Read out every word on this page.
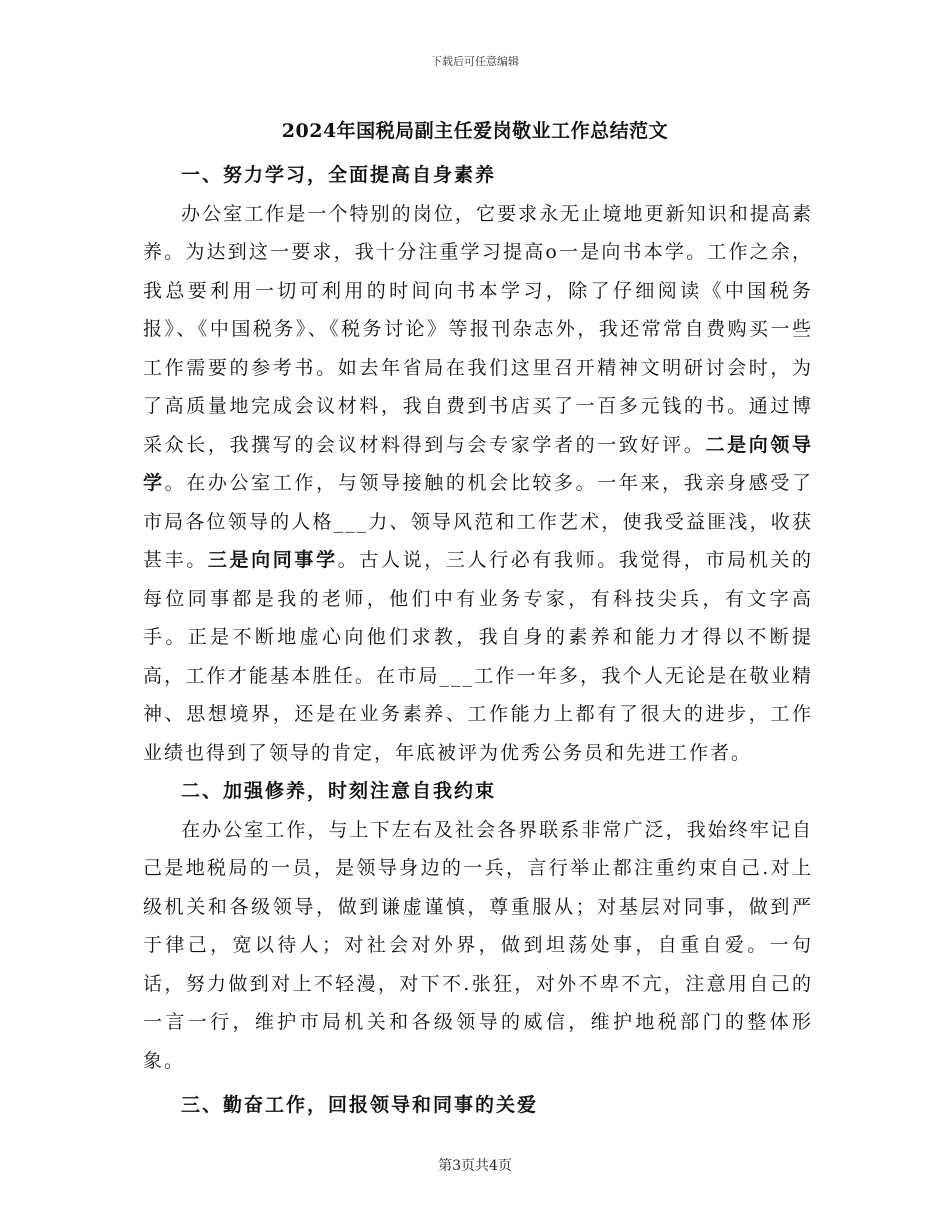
下载后可任意编辑
2024年国税局副主任爱岗敬业工作总结范文
一、努力学习，全面提高自身素养

办公室工作是一个特别的岗位，它要求永无止境地更新知识和提高素养。为达到这一要求，我十分注重学习提高o一是向书本学。工作之余，我总要利用一切可利用的时间向书本学习，除了仔细阅读《中国税务报》、《中国税务》、《税务讨论》等报刊杂志外，我还常常自费购买一些工作需要的参考书。如去年省局在我们这里召开精神文明研讨会时，为了高质量地完成会议材料，我自费到书店买了一百多元钱的书。通过博采众长，我撰写的会议材料得到与会专家学者的一致好评。二是向领导学。在办公室工作，与领导接触的机会比较多。一年来，我亲身感受了市局各位领导的人格___力、领导风范和工作艺术，使我受益匪浅，收获甚丰。三是向同事学。古人说，三人行必有我师。我觉得，市局机关的每位同事都是我的老师，他们中有业务专家，有科技尖兵，有文字高手。正是不断地虚心向他们求教，我自身的素养和能力才得以不断提高，工作才能基本胜任。在市局___工作一年多，我个人无论是在敬业精神、思想境界，还是在业务素养、工作能力上都有了很大的进步，工作业绩也得到了领导的肯定，年底被评为优秀公务员和先进工作者。

二、加强修养，时刻注意自我约束

在办公室工作，与上下左右及社会各界联系非常广泛，我始终牢记自己是地税局的一员，是领导身边的一兵，言行举止都注重约束自己.对上级机关和各级领导，做到谦虚谨慎，尊重服从；对基层对同事，做到严于律己，宽以待人；对社会对外界，做到坦荡处事，自重自爱。一句话，努力做到对上不轻漫，对下不.张狂，对外不卑不亢，注意用自己的一言一行，维护市局机关和各级领导的威信，维护地税部门的整体形象。

三、勤奋工作，回报领导和同事的关爱
第3页共4页
